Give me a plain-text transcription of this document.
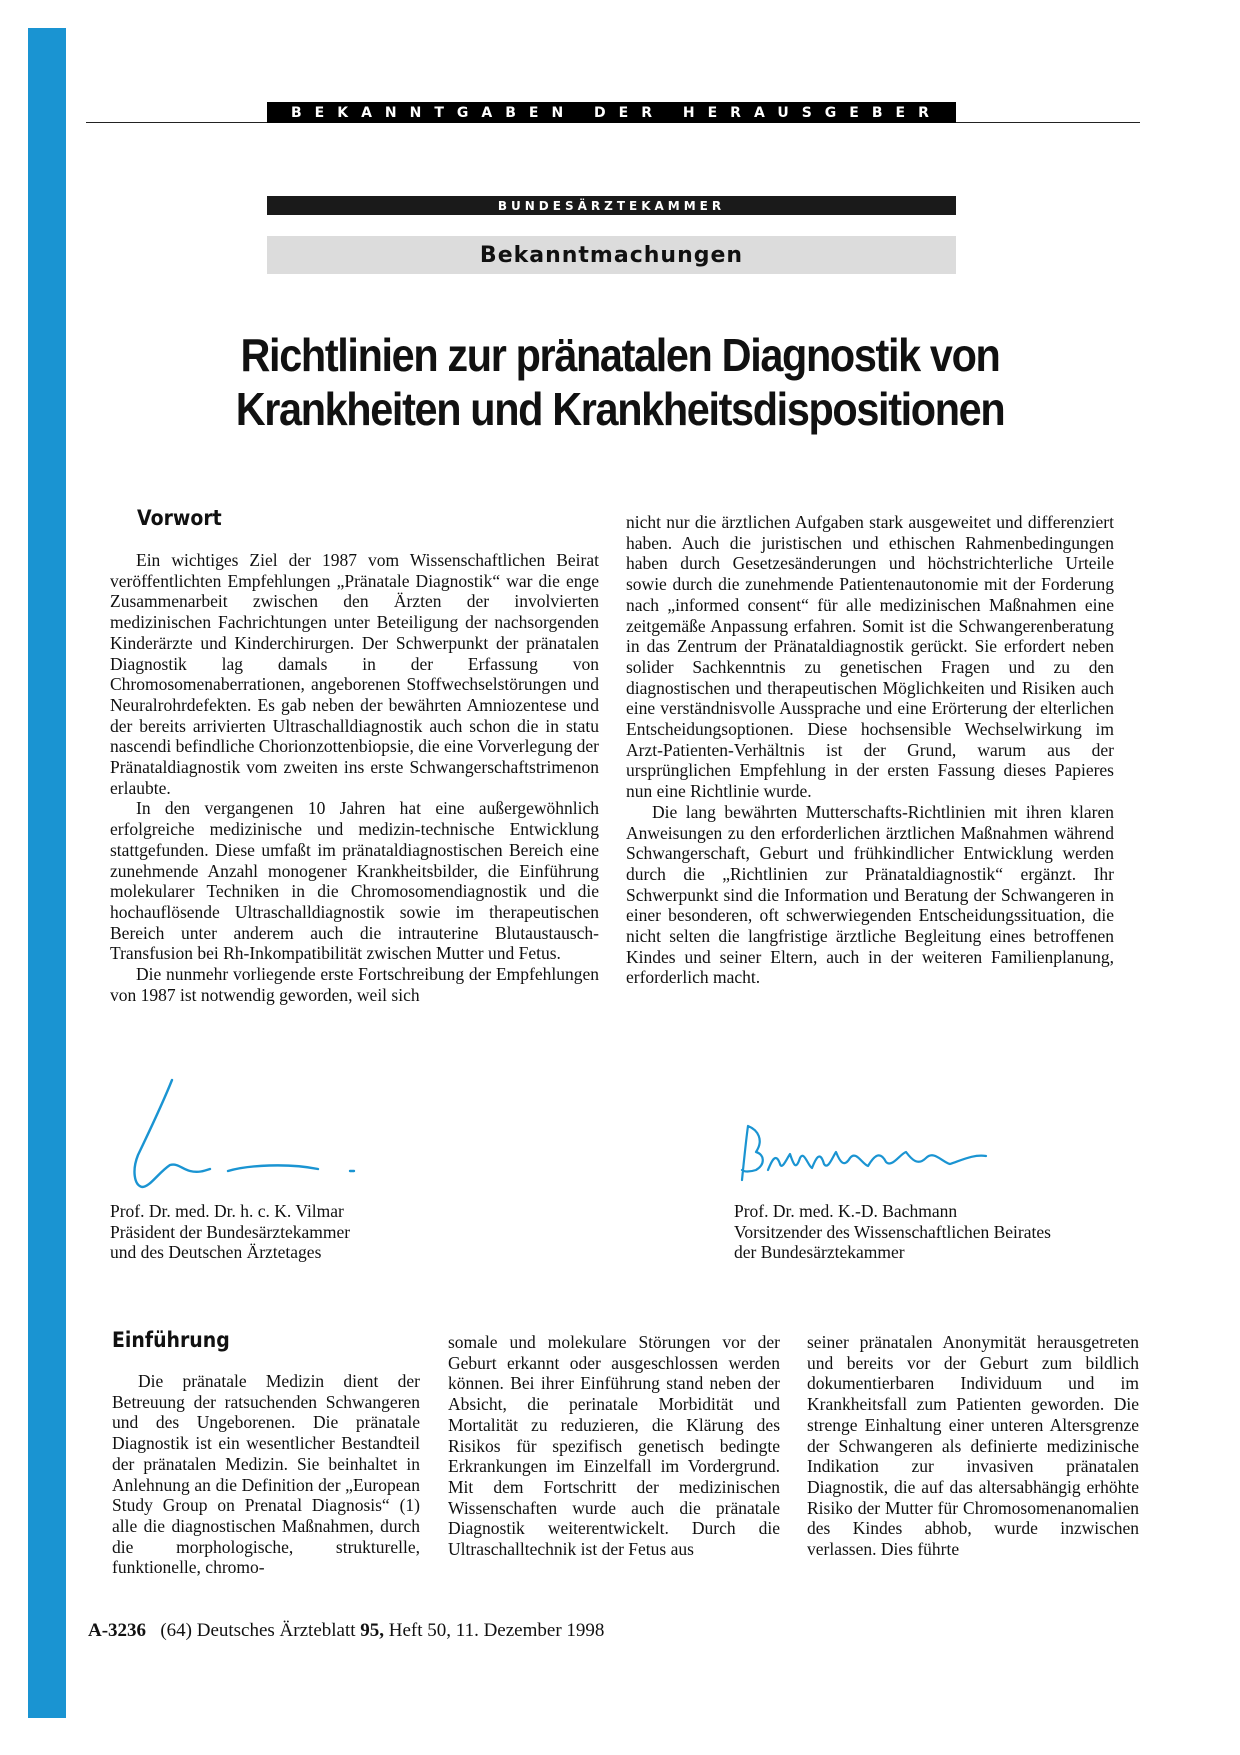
BEKANNTGABEN DER HERAUSGEBER
BUNDESÄRZTEKAMMER
Bekanntmachungen
Richtlinien zur pränatalen Diagnostik von
Krankheiten und Krankheitsdispositionen
Vorwort

Ein wichtiges Ziel der 1987 vom Wissenschaftlichen Beirat veröffentlichten Empfehlungen „Pränatale Diagnostik“ war die enge Zusammenarbeit zwischen den Ärzten der involvierten medizinischen Fachrichtungen unter Beteiligung der nachsorgenden Kinderärzte und Kinderchirurgen. Der Schwerpunkt der pränatalen Diagnostik lag damals in der Erfassung von Chromosomenaberrationen, angeborenen Stoffwechselstörungen und Neuralrohrdefekten. Es gab neben der bewährten Amniozentese und der bereits arrivierten Ultraschalldiagnostik auch schon die in statu nascendi befindliche Chorionzottenbiopsie, die eine Vorverlegung der Pränataldiagnostik vom zweiten ins erste Schwangerschaftstrimenon erlaubte.

In den vergangenen 10 Jahren hat eine außergewöhnlich erfolgreiche medizinische und medizin-technische Entwicklung stattgefunden. Diese umfaßt im pränataldiagnostischen Bereich eine zunehmende Anzahl monogener Krankheitsbilder, die Einführung molekularer Techniken in die Chromosomendiagnostik und die hochauflösende Ultraschalldiagnostik sowie im therapeutischen Bereich unter anderem auch die intrauterine Blutaustausch-Transfusion bei Rh-Inkompatibilität zwischen Mutter und Fetus.

Die nunmehr vorliegende erste Fortschreibung der Empfehlungen von 1987 ist notwendig geworden, weil sich

nicht nur die ärztlichen Aufgaben stark ausgeweitet und differenziert haben. Auch die juristischen und ethischen Rahmenbedingungen haben durch Gesetzesänderungen und höchstrichterliche Urteile sowie durch die zunehmende Patientenautonomie mit der Forderung nach „informed consent“ für alle medizinischen Maßnahmen eine zeitgemäße Anpassung erfahren. Somit ist die Schwangerenberatung in das Zentrum der Pränataldiagnostik gerückt. Sie erfordert neben solider Sachkenntnis zu genetischen Fragen und zu den diagnostischen und therapeutischen Möglichkeiten und Risiken auch eine verständnisvolle Aussprache und eine Erörterung der elterlichen Entscheidungsoptionen. Diese hochsensible Wechselwirkung im Arzt-Patienten-Verhältnis ist der Grund, warum aus der ursprünglichen Empfehlung in der ersten Fassung dieses Papieres nun eine Richtlinie wurde.

Die lang bewährten Mutterschafts-Richtlinien mit ihren klaren Anweisungen zu den erforderlichen ärztlichen Maßnahmen während Schwangerschaft, Geburt und frühkindlicher Entwicklung werden durch die „Richtlinien zur Pränataldiagnostik“ ergänzt. Ihr Schwerpunkt sind die Information und Beratung der Schwangeren in einer besonderen, oft schwerwiegenden Entscheidungssituation, die nicht selten die langfristige ärztliche Begleitung eines betroffenen Kindes und seiner Eltern, auch in der weiteren Familienplanung, erforderlich macht.

Prof. Dr. med. Dr. h. c. K. Vilmar
Präsident der Bundesärztekammer
und des Deutschen Ärztetages
Prof. Dr. med. K.-D. Bachmann
Vorsitzender des Wissenschaftlichen Beirates
der Bundesärztekammer
Einführung

Die pränatale Medizin dient der Betreuung der ratsuchenden Schwangeren und des Ungeborenen. Die pränatale Diagnostik ist ein wesentlicher Bestandteil der pränatalen Medizin. Sie beinhaltet in Anlehnung an die Definition der „European Study Group on Prenatal Diagnosis“ (1) alle die diagnostischen Maßnahmen, durch die morphologische, strukturelle, funktionelle, chromo-

somale und molekulare Störungen vor der Geburt erkannt oder ausgeschlossen werden können. Bei ihrer Einführung stand neben der Absicht, die perinatale Morbidität und Mortalität zu reduzieren, die Klärung des Risikos für spezifisch genetisch bedingte Erkrankungen im Einzelfall im Vordergrund. Mit dem Fortschritt der medizinischen Wissenschaften wurde auch die pränatale Diagnostik weiterentwickelt. Durch die Ultraschalltechnik ist der Fetus aus

seiner pränatalen Anonymität herausgetreten und bereits vor der Geburt zum bildlich dokumentierbaren Individuum und im Krankheitsfall zum Patienten geworden. Die strenge Einhaltung einer unteren Altersgrenze der Schwangeren als definierte medizinische Indikation zur invasiven pränatalen Diagnostik, die auf das altersabhängig erhöhte Risiko der Mutter für Chromosomenanomalien des Kindes abhob, wurde inzwischen verlassen. Dies führte

A-3236 (64) Deutsches Ärzteblatt 95, Heft 50, 11. Dezember 1998
